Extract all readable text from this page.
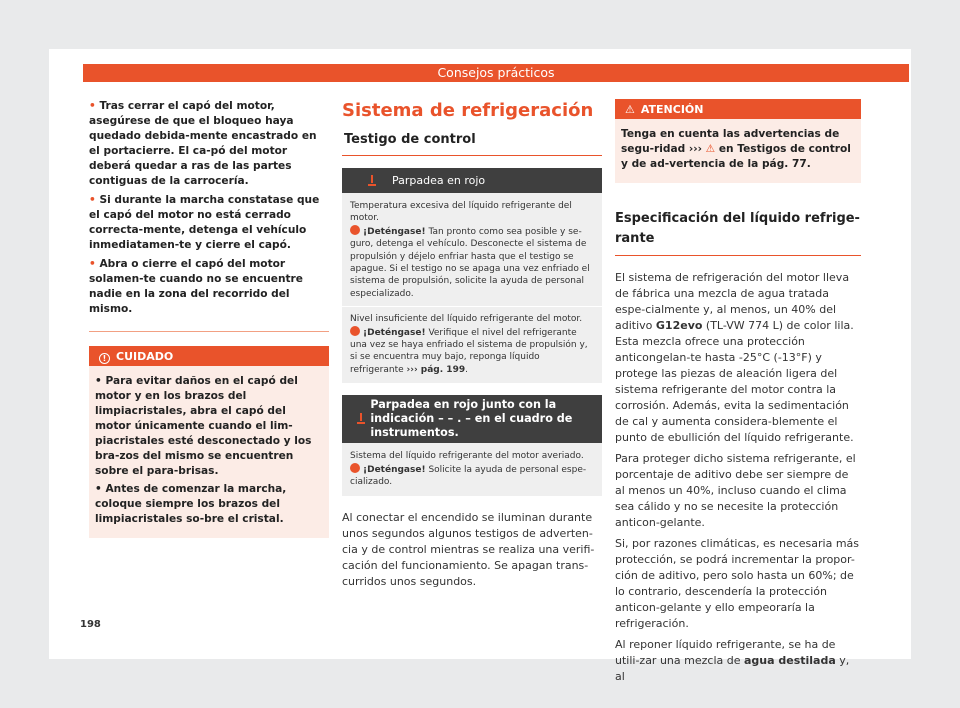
Consejos prácticos

• Tras cerrar el capó del motor, asegúrese de que el bloqueo haya quedado debida-mente encastrado en el portacierre. El ca-pó del motor deberá quedar a ras de las partes contiguas de la carrocería.

• Si durante la marcha constatase que el capó del motor no está cerrado correcta-mente, detenga el vehículo inmediatamen-te y cierre el capó.

• Abra o cierre el capó del motor solamen-te cuando no se encuentre nadie en la zona del recorrido del mismo.

! CUIDADO

• Para evitar daños en el capó del motor y en los brazos del limpiacristales, abra el capó del motor únicamente cuando el lim-piacristales esté desconectado y los bra-zos del mismo se encuentren sobre el para-brisas.

• Antes de comenzar la marcha, coloque siempre los brazos del limpiacristales so-bre el cristal.

Sistema de refrigeración
Testigo de control
Parpadea en rojo

Temperatura excesiva del líquido refrigerante del motor.

¡Deténgase! Tan pronto como sea posible y se-guro, detenga el vehículo. Desconecte el sistema de propulsión y déjelo enfriar hasta que el testigo se apague. Si el testigo no se apaga una vez enfriado el sistema de propulsión, solicite la ayuda de personal especializado.

Nivel insuficiente del líquido refrigerante del motor.

¡Deténgase! Verifique el nivel del refrigerante una vez se haya enfriado el sistema de propulsión y, si se encuentra muy bajo, reponga líquido refrigerante ››› pág. 199.

Parpadea en rojo junto con la indicación – – . – en el cuadro de instrumentos.

Sistema del líquido refrigerante del motor averiado.

¡Deténgase! Solicite la ayuda de personal espe-cializado.

Al conectar el encendido se iluminan durante unos segundos algunos testigos de adverten-cia y de control mientras se realiza una verifi-cación del funcionamiento. Se apagan trans-curridos unos segundos.

⚠ ATENCIÓN

Tenga en cuenta las advertencias de segu-ridad ››› ⚠ en Testigos de control y de ad-vertencia de la pág. 77.

Especificación del líquido refrige-rante

El sistema de refrigeración del motor lleva de fábrica una mezcla de agua tratada espe-cialmente y, al menos, un 40% del aditivo G12evo (TL-VW 774 L) de color lila. Esta mezcla ofrece una protección anticongelan-te hasta -25°C (-13°F) y protege las piezas de aleación ligera del sistema refrigerante del motor contra la corrosión. Además, evita la sedimentación de cal y aumenta considera-blemente el punto de ebullición del líquido refrigerante.

Para proteger dicho sistema refrigerante, el porcentaje de aditivo debe ser siempre de al menos un 40%, incluso cuando el clima sea cálido y no se necesite la protección anticon-gelante.

Si, por razones climáticas, es necesaria más protección, se podrá incrementar la propor-ción de aditivo, pero solo hasta un 60%; de lo contrario, descendería la protección anticon-gelante y ello empeoraría la refrigeración.

Al reponer líquido refrigerante, se ha de utili-zar una mezcla de agua destilada y, al

198
